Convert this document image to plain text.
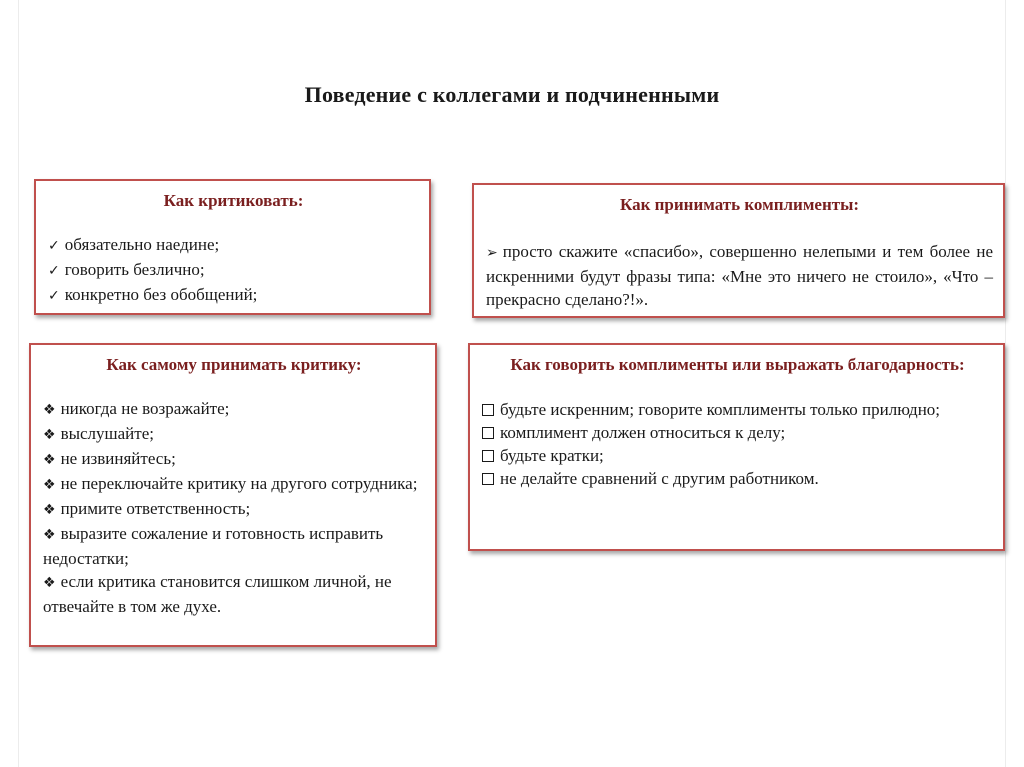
Поведение с коллегами и подчиненными
Как критиковать:
✓ обязательно наедине;
✓ говорить безлично;
✓ конкретно без обобщений;
Как принимать комплименты:
➢ просто скажите «спасибо», совершенно нелепыми и тем более не искренними будут фразы типа: «Мне это ничего не стоило», «Что – прекрасно сделано?!».
Как самому принимать критику:
❖ никогда не возражайте;
❖ выслушайте;
❖ не извиняйтесь;
❖ не переключайте критику на другого сотрудника;
❖ примите ответственность;
❖ выразите сожаление и готовность исправить недостатки;
❖ если критика становится слишком личной, не отвечайте в том же духе.
Как говорить комплименты или выражать благодарность:
будьте искренним; говорите комплименты только прилюдно;
комплимент должен относиться к делу;
будьте кратки;
не делайте сравнений с другим работником.
